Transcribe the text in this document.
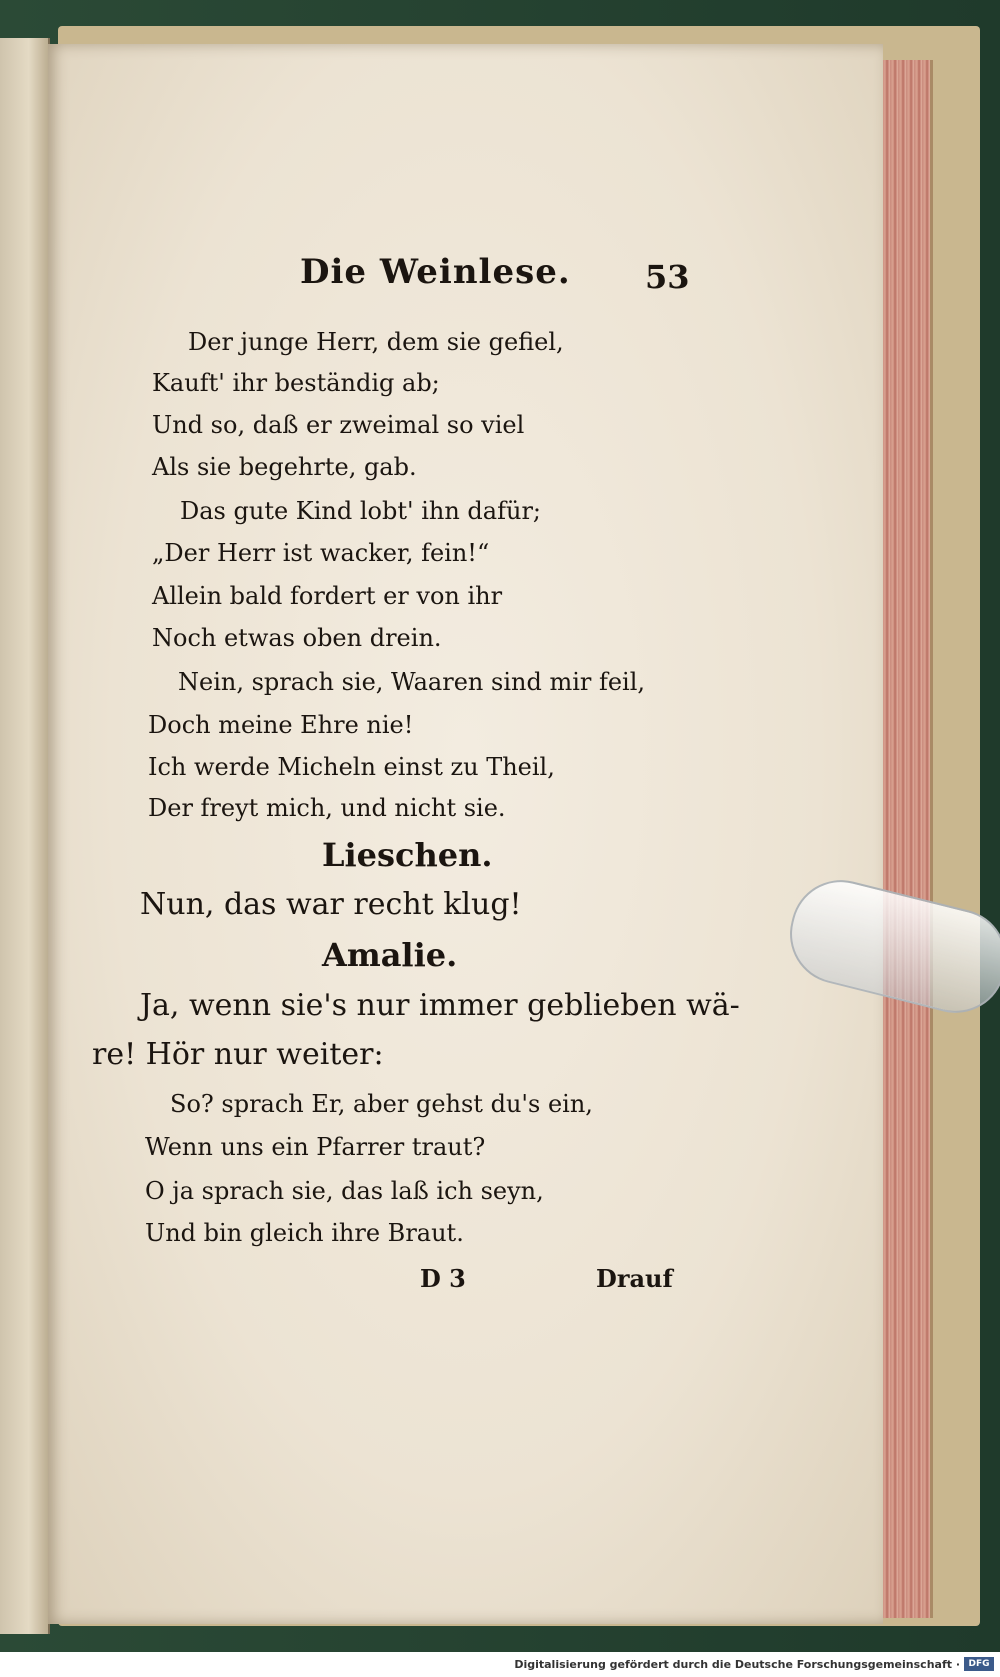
Die Weinlese. 53
Der junge Herr, dem sie gefiel,
Kauft' ihr beständig ab;
Und so, daß er zweimal so viel
Als sie begehrte, gab.
Das gute Kind lobt' ihn dafür;
„Der Herr ist wacker, fein!“
Allein bald fordert er von ihr
Noch etwas oben drein.
Nein, sprach sie, Waaren sind mir feil,
Doch meine Ehre nie!
Ich werde Micheln einst zu Theil,
Der freyt mich, und nicht sie.
Lieschen.
Nun, das war recht klug!
Amalie.
Ja, wenn sie's nur immer geblieben wä-
re! Hör nur weiter:
So? sprach Er, aber gehst du's ein,
Wenn uns ein Pfarrer traut?
O ja sprach sie, das laß ich seyn,
Und bin gleich ihre Braut.
D 3	Drauf
Digitalisierung gefördert durch die Deutsche Forschungsgemeinschaft · DFG
